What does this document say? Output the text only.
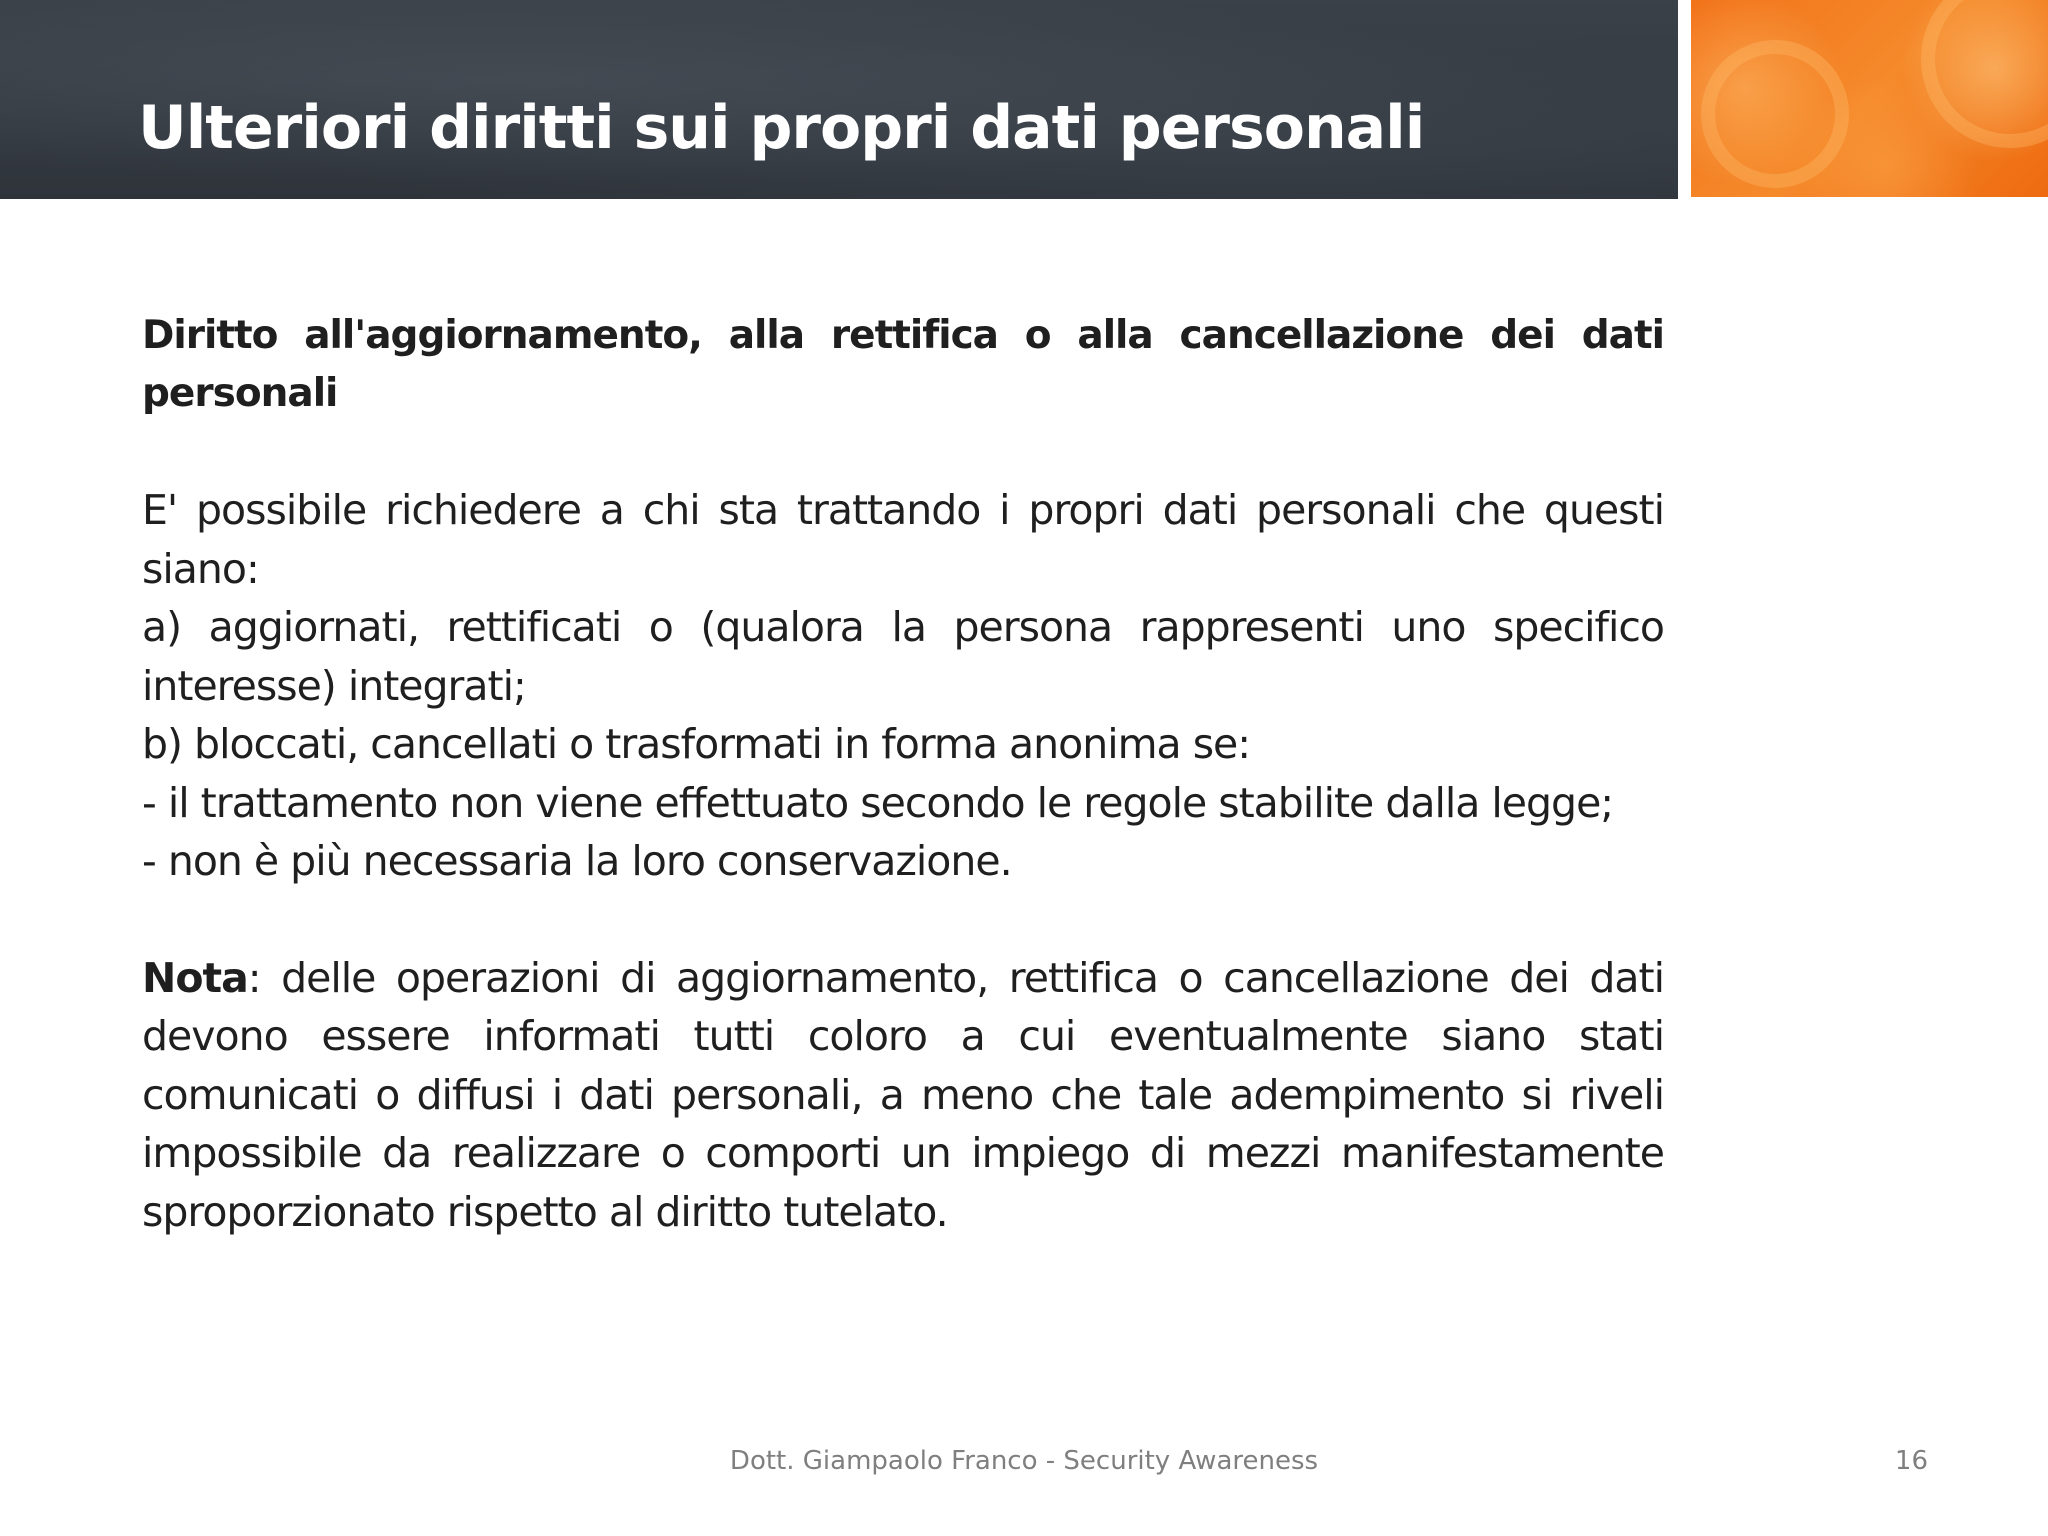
Ulteriori diritti sui propri dati personali

Diritto all'aggiornamento, alla rettifica o alla cancellazione dei dati personali

E' possibile richiedere a chi sta trattando i propri dati personali che questi siano:

a) aggiornati, rettificati o (qualora la persona rappresenti uno specifico interesse) integrati;

b) bloccati, cancellati o trasformati in forma anonima se:

- il trattamento non viene effettuato secondo le regole stabilite dalla legge;

- non è più necessaria la loro conservazione.

Nota: delle operazioni di aggiornamento, rettifica o cancellazione dei dati devono essere informati tutti coloro a cui eventualmente siano stati comunicati o diffusi i dati personali, a meno che tale adempimento si riveli impossibile da realizzare o comporti un impiego di mezzi manifestamente sproporzionato rispetto al diritto tutelato.

Dott. Giampaolo Franco - Security Awareness	16
